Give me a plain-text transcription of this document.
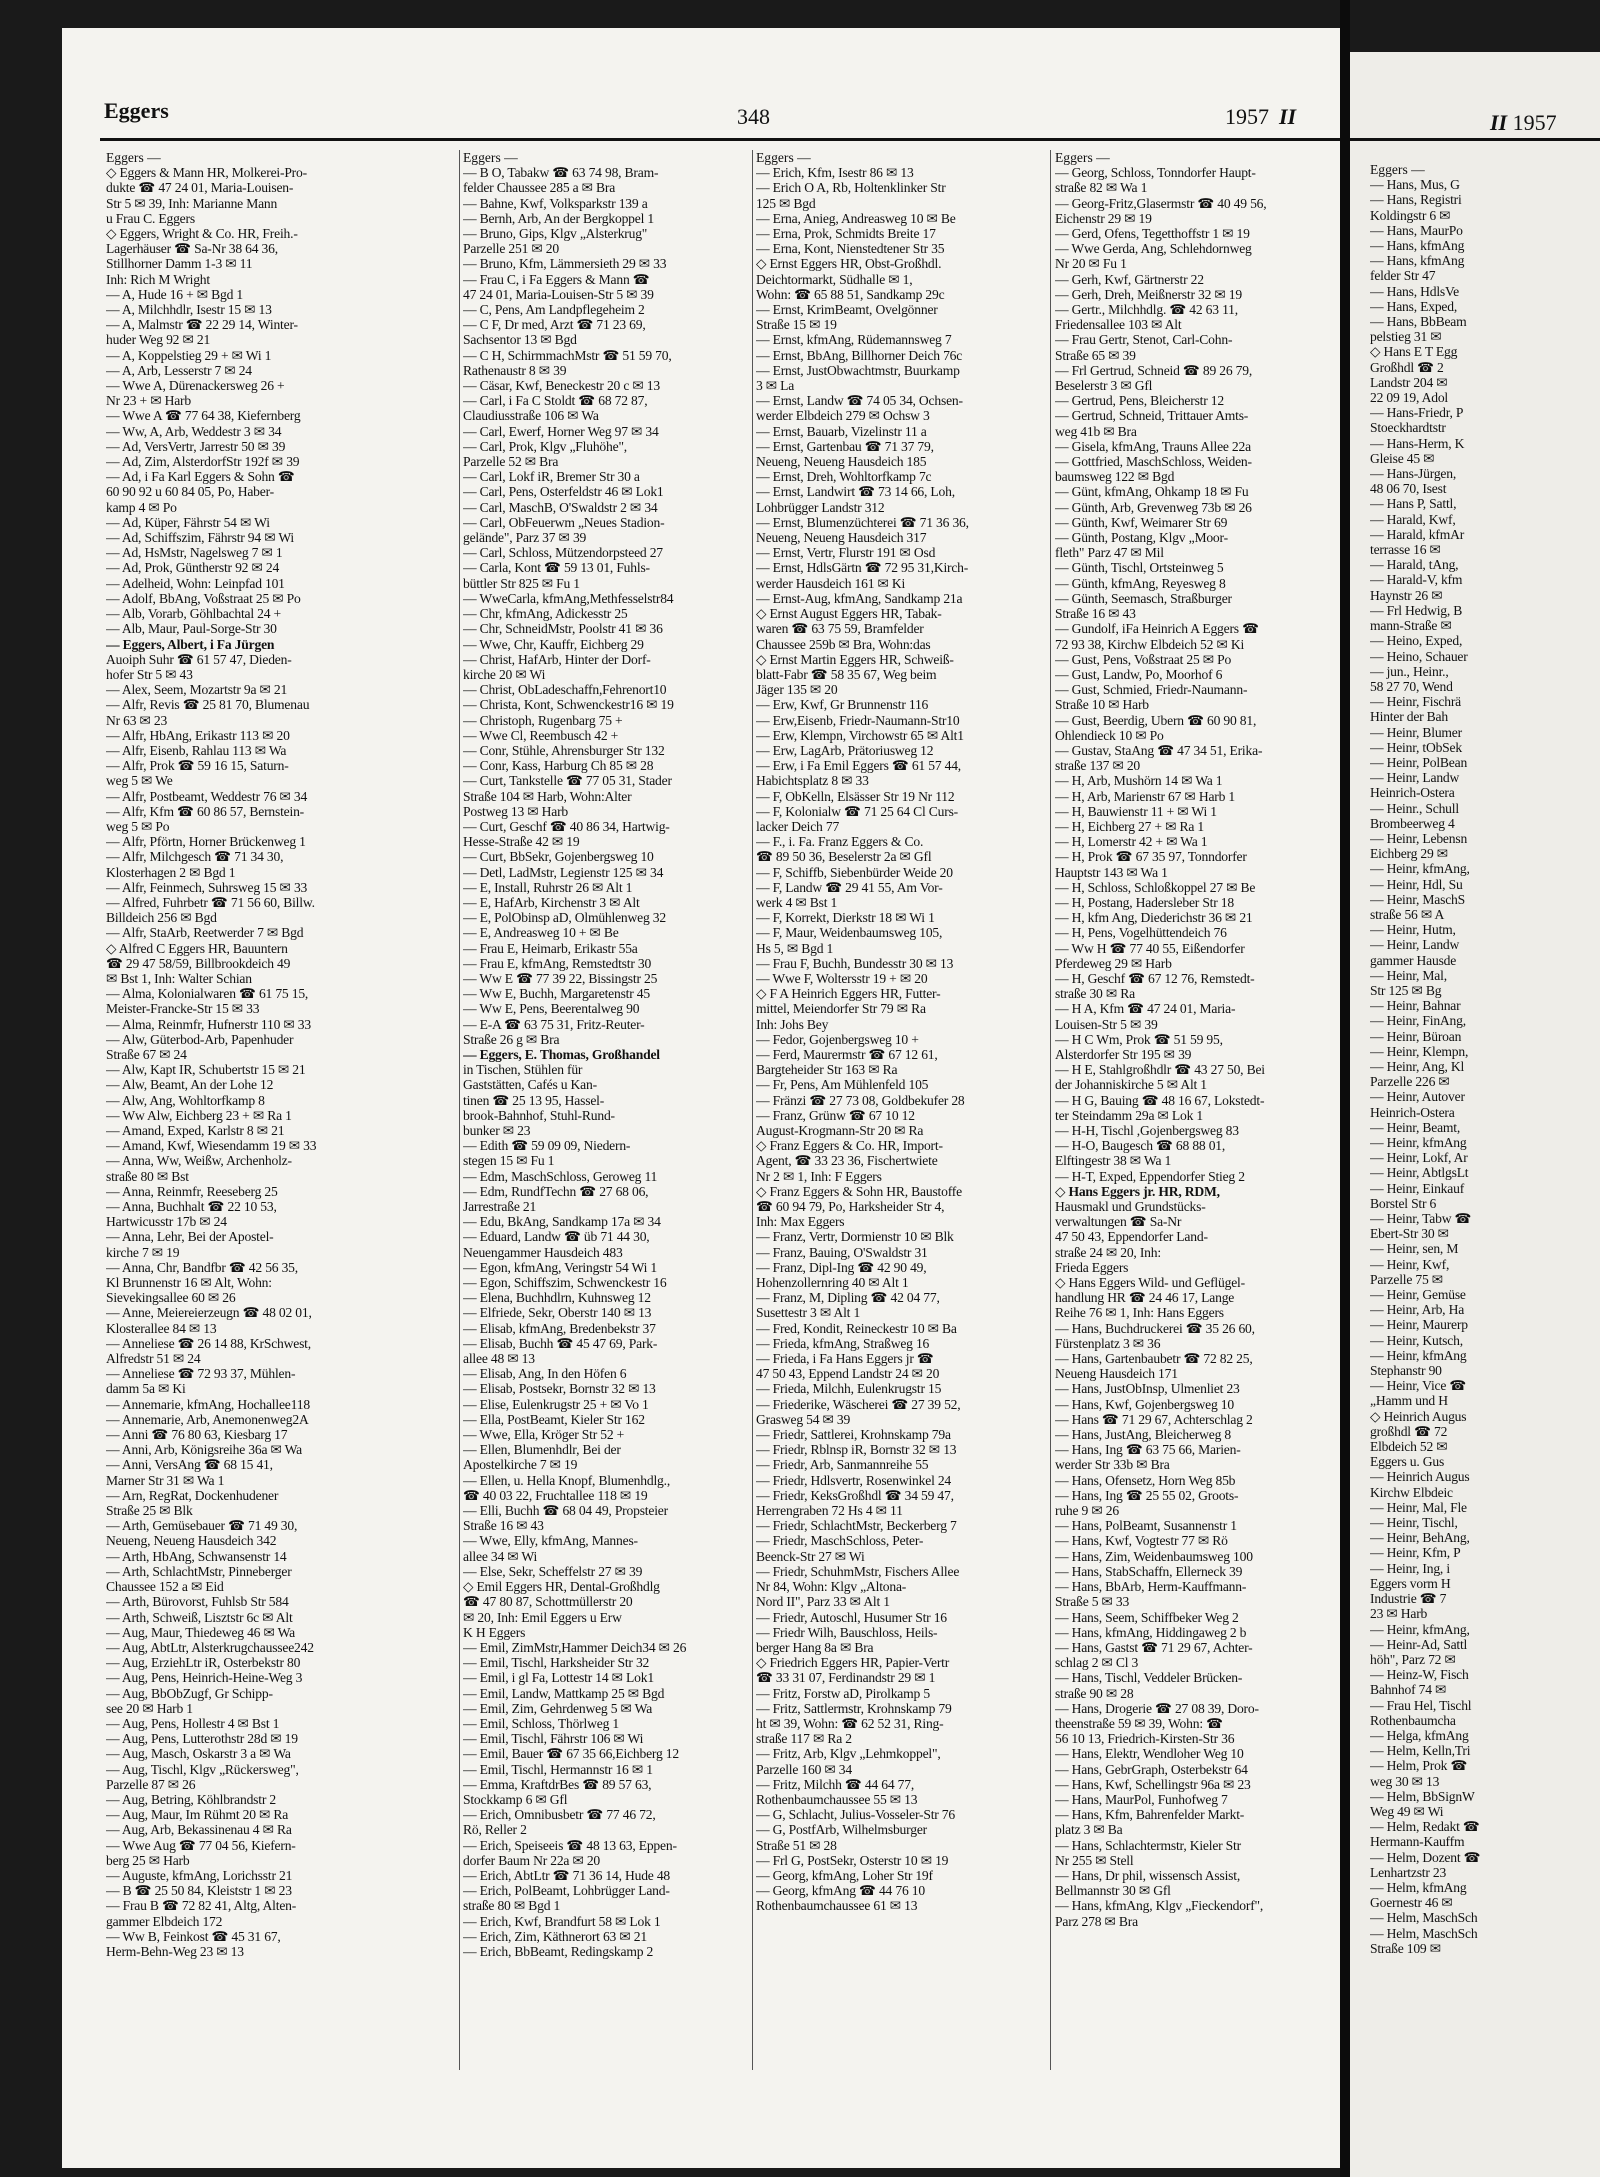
II 1957

Eggers —

— Hans, Mus, G

— Hans, Registri

Koldingstr 6 ✉

— Hans, MaurPo

— Hans, kfmAng

— Hans, kfmAng

felder Str 47

— Hans, HdlsVe

— Hans, Exped,

— Hans, BbBeam

pelstieg 31 ✉

◇ Hans E T Egg

Großhdl ☎ 2

Landstr 204 ✉

22 09 19, Adol

— Hans-Friedr, P

Stoeckhardtstr

— Hans-Herm, K

Gleise 45 ✉

— Hans-Jürgen,

48 06 70, Isest

— Hans P, Sattl,

— Harald, Kwf,

— Harald, kfmAr

terrasse 16 ✉

— Harald, tAng,

— Harald-V, kfm

Haynstr 26 ✉

— Frl Hedwig, B

mann-Straße ✉

— Heino, Exped,

— Heino, Schauer

— jun., Heinr.,

58 27 70, Wend

— Heinr, Fischrä

Hinter der Bah

— Heinr, Blumer

— Heinr, tObSek

— Heinr, PolBean

— Heinr, Landw

Heinrich-Ostera

— Heinr., Schull

Brombeerweg 4

— Heinr, Lebensn

Eichberg 29 ✉

— Heinr, kfmAng,

— Heinr, Hdl, Su

— Heinr, MaschS

straße 56 ✉ A

— Heinr, Hutm,

— Heinr, Landw

gammer Hausde

— Heinr, Mal,

Str 125 ✉ Bg

— Heinr, Bahnar

— Heinr, FinAng,

— Heinr, Büroan

— Heinr, Klempn,

— Heinr, Ang, Kl

Parzelle 226 ✉

— Heinr, Autover

Heinrich-Ostera

— Heinr, Beamt,

— Heinr, kfmAng

— Heinr, Lokf, Ar

— Heinr, AbtlgsLt

— Heinr, Einkauf

Borstel Str 6

— Heinr, Tabw ☎

Ebert-Str 30 ✉

— Heinr, sen, M

— Heinr, Kwf,

Parzelle 75 ✉

— Heinr, Gemüse

— Heinr, Arb, Ha

— Heinr, Maurerp

— Heinr, Kutsch,

— Heinr, kfmAng

Stephanstr 90

— Heinr, Vice ☎

„Hamm und H

◇ Heinrich Augus

großhdl ☎ 72

Elbdeich 52 ✉

Eggers u. Gus

— Heinrich Augus

Kirchw Elbdeic

— Heinr, Mal, Fle

— Heinr, Tischl,

— Heinr, BehAng,

— Heinr, Kfm, P

— Heinr, Ing, i

Eggers vorm H

Industrie ☎ 7

23 ✉ Harb

— Heinr, kfmAng,

— Heinr-Ad, Sattl

höh", Parz 72 ✉

— Heinz-W, Fisch

Bahnhof 74 ✉

— Frau Hel, Tischl

Rothenbaumcha

— Helga, kfmAng

— Helm, Kelln,Tri

— Helm, Prok ☎

weg 30 ✉ 13

— Helm, BbSignW

Weg 49 ✉ Wi

— Helm, Redakt ☎

Hermann-Kauffm

— Helm, Dozent ☎

Lenhartzstr 23

— Helm, kfmAng

Goernestr 46 ✉

— Helm, MaschSch

— Helm, MaschSch

Straße 109 ✉

Eggers	348	1957 II

Eggers —

◇ Eggers & Mann HR, Molkerei-Pro-

dukte ☎ 47 24 01, Maria-Louisen-

Str 5 ✉ 39, Inh: Marianne Mann

u Frau C. Eggers

◇ Eggers, Wright & Co. HR, Freih.-

Lagerhäuser ☎ Sa-Nr 38 64 36,

Stillhorner Damm 1-3 ✉ 11

Inh: Rich M Wright

— A, Hude 16 + ✉ Bgd 1

— A, Milchhdlr, Isestr 15 ✉ 13

— A, Malmstr ☎ 22 29 14, Winter-

huder Weg 92 ✉ 21

— A, Koppelstieg 29 + ✉ Wi 1

— A, Arb, Lesserstr 7 ✉ 24

— Wwe A, Dürenackersweg 26 +

Nr 23 + ✉ Harb

— Wwe A ☎ 77 64 38, Kiefernberg

— Ww, A, Arb, Weddestr 3 ✉ 34

— Ad, VersVertr, Jarrestr 50 ✉ 39

— Ad, Zim, AlsterdorfStr 192f ✉ 39

— Ad, i Fa Karl Eggers & Sohn ☎

60 90 92 u 60 84 05, Po, Haber-

kamp 4 ✉ Po

— Ad, Küper, Fährstr 54 ✉ Wi

— Ad, Schiffszim, Fährstr 94 ✉ Wi

— Ad, HsMstr, Nagelsweg 7 ✉ 1

— Ad, Prok, Güntherstr 92 ✉ 24

— Adelheid, Wohn: Leinpfad 101

— Adolf, BbAng, Voßstraat 25 ✉ Po

— Alb, Vorarb, Göhlbachtal 24 +

— Alb, Maur, Paul-Sorge-Str 30

— Eggers, Albert, i Fa Jürgen

Auoiph Suhr ☎ 61 57 47, Dieden-

hofer Str 5 ✉ 43

— Alex, Seem, Mozartstr 9a ✉ 21

— Alfr, Revis ☎ 25 81 70, Blumenau

Nr 63 ✉ 23

— Alfr, HbAng, Erikastr 113 ✉ 20

— Alfr, Eisenb, Rahlau 113 ✉ Wa

— Alfr, Prok ☎ 59 16 15, Saturn-

weg 5 ✉ We

— Alfr, Postbeamt, Weddestr 76 ✉ 34

— Alfr, Kfm ☎ 60 86 57, Bernstein-

weg 5 ✉ Po

— Alfr, Pförtn, Horner Brückenweg 1

— Alfr, Milchgesch ☎ 71 34 30,

Klosterhagen 2 ✉ Bgd 1

— Alfr, Feinmech, Suhrsweg 15 ✉ 33

— Alfred, Fuhrbetr ☎ 71 56 60, Billw.

Billdeich 256 ✉ Bgd

— Alfr, StaArb, Reetwerder 7 ✉ Bgd

◇ Alfred C Eggers HR, Bauuntern

☎ 29 47 58/59, Billbrookdeich 49

✉ Bst 1, Inh: Walter Schian

— Alma, Kolonialwaren ☎ 61 75 15,

Meister-Francke-Str 15 ✉ 33

— Alma, Reinmfr, Hufnerstr 110 ✉ 33

— Alw, Güterbod-Arb, Papenhuder

Straße 67 ✉ 24

— Alw, Kapt IR, Schubertstr 15 ✉ 21

— Alw, Beamt, An der Lohe 12

— Alw, Ang, Wohltorfkamp 8

— Ww Alw, Eichberg 23 + ✉ Ra 1

— Amand, Exped, Karlstr 8 ✉ 21

— Amand, Kwf, Wiesendamm 19 ✉ 33

— Anna, Ww, Weißw, Archenholz-

straße 80 ✉ Bst

— Anna, Reinmfr, Reeseberg 25

— Anna, Buchhalt ☎ 22 10 53,

Hartwicusstr 17b ✉ 24

— Anna, Lehr, Bei der Apostel-

kirche 7 ✉ 19

— Anna, Chr, Bandfbr ☎ 42 56 35,

Kl Brunnenstr 16 ✉ Alt, Wohn:

Sievekingsallee 60 ✉ 26

— Anne, Meiereierzeugn ☎ 48 02 01,

Klosterallee 84 ✉ 13

— Anneliese ☎ 26 14 88, KrSchwest,

Alfredstr 51 ✉ 24

— Anneliese ☎ 72 93 37, Mühlen-

damm 5a ✉ Ki

— Annemarie, kfmAng, Hochallee118

— Annemarie, Arb, Anemonenweg2A

— Anni ☎ 76 80 63, Kiesbarg 17

— Anni, Arb, Königsreihe 36a ✉ Wa

— Anni, VersAng ☎ 68 15 41,

Marner Str 31 ✉ Wa 1

— Arn, RegRat, Dockenhudener

Straße 25 ✉ Blk

— Arth, Gemüsebauer ☎ 71 49 30,

Neueng, Neueng Hausdeich 342

— Arth, HbAng, Schwansenstr 14

— Arth, SchlachtMstr, Pinneberger

Chaussee 152 a ✉ Eid

— Arth, Bürovorst, Fuhlsb Str 584

— Arth, Schweiß, Lisztstr 6c ✉ Alt

— Aug, Maur, Thiedeweg 46 ✉ Wa

— Aug, AbtLtr, Alsterkrugchaussee242

— Aug, ErziehLtr iR, Osterbekstr 80

— Aug, Pens, Heinrich-Heine-Weg 3

— Aug, BbObZugf, Gr Schipp-

see 20 ✉ Harb 1

— Aug, Pens, Hollestr 4 ✉ Bst 1

— Aug, Pens, Lutterothstr 28d ✉ 19

— Aug, Masch, Oskarstr 3 a ✉ Wa

— Aug, Tischl, Klgv „Rückersweg",

Parzelle 87 ✉ 26

— Aug, Betring, Köhlbrandstr 2

— Aug, Maur, Im Rühmt 20 ✉ Ra

— Aug, Arb, Bekassinenau 4 ✉ Ra

— Wwe Aug ☎ 77 04 56, Kiefern-

berg 25 ✉ Harb

— Auguste, kfmAng, Lorichsstr 21

— B ☎ 25 50 84, Kleiststr 1 ✉ 23

— Frau B ☎ 72 82 41, Altg, Alten-

gammer Elbdeich 172

— Ww B, Feinkost ☎ 45 31 67,

Herm-Behn-Weg 23 ✉ 13

Eggers —

— B O, Tabakw ☎ 63 74 98, Bram-

felder Chaussee 285 a ✉ Bra

— Bahne, Kwf, Volksparkstr 139 a

— Bernh, Arb, An der Bergkoppel 1

— Bruno, Gips, Klgv „Alsterkrug"

Parzelle 251 ✉ 20

— Bruno, Kfm, Lämmersieth 29 ✉ 33

— Frau C, i Fa Eggers & Mann ☎

47 24 01, Maria-Louisen-Str 5 ✉ 39

— C, Pens, Am Landpflegeheim 2

— C F, Dr med, Arzt ☎ 71 23 69,

Sachsentor 13 ✉ Bgd

— C H, SchirmmachMstr ☎ 51 59 70,

Rathenaustr 8 ✉ 39

— Cäsar, Kwf, Beneckestr 20 c ✉ 13

— Carl, i Fa C Stoldt ☎ 68 72 87,

Claudiusstraße 106 ✉ Wa

— Carl, Ewerf, Horner Weg 97 ✉ 34

— Carl, Prok, Klgv „Fluhöhe",

Parzelle 52 ✉ Bra

— Carl, Lokf iR, Bremer Str 30 a

— Carl, Pens, Osterfeldstr 46 ✉ Lok1

— Carl, MaschB, O'Swaldstr 2 ✉ 34

— Carl, ObFeuerwm „Neues Stadion-

gelände", Parz 37 ✉ 39

— Carl, Schloss, Mützendorpsteed 27

— Carla, Kont ☎ 59 13 01, Fuhls-

büttler Str 825 ✉ Fu 1

— WweCarla, kfmAng,Methfesselstr84

— Chr, kfmAng, Adickesstr 25

— Chr, SchneidMstr, Poolstr 41 ✉ 36

— Wwe, Chr, Kauffr, Eichberg 29

— Christ, HafArb, Hinter der Dorf-

kirche 20 ✉ Wi

— Christ, ObLadeschaffn,Fehrenort10

— Christa, Kont, Schwenckestr16 ✉ 19

— Christoph, Rugenbarg 75 +

— Wwe Cl, Reembusch 42 +

— Conr, Stühle, Ahrensburger Str 132

— Conr, Kass, Harburg Ch 85 ✉ 28

— Curt, Tankstelle ☎ 77 05 31, Stader

Straße 104 ✉ Harb, Wohn:Alter

Postweg 13 ✉ Harb

— Curt, Geschf ☎ 40 86 34, Hartwig-

Hesse-Straße 42 ✉ 19

— Curt, BbSekr, Gojenbergsweg 10

— Detl, LadMstr, Legienstr 125 ✉ 34

— E, Install, Ruhrstr 26 ✉ Alt 1

— E, HafArb, Kirchenstr 3 ✉ Alt

— E, PolObinsp aD, Olmühlenweg 32

— E, Andreasweg 10 + ✉ Be

— Frau E, Heimarb, Erikastr 55a

— Frau E, kfmAng, Remstedtstr 30

— Ww E ☎ 77 39 22, Bissingstr 25

— Ww E, Buchh, Margaretenstr 45

— Ww E, Pens, Beerentalweg 90

— E-A ☎ 63 75 31, Fritz-Reuter-

Straße 26 g ✉ Bra

— Eggers, E. Thomas, Großhandel

in Tischen, Stühlen für

Gaststätten, Cafés u Kan-

tinen ☎ 25 13 95, Hassel-

brook-Bahnhof, Stuhl-Rund-

bunker ✉ 23

— Edith ☎ 59 09 09, Niedern-

stegen 15 ✉ Fu 1

— Edm, MaschSchloss, Geroweg 11

— Edm, RundfTechn ☎ 27 68 06,

Jarrestraße 21

— Edu, BkAng, Sandkamp 17a ✉ 34

— Eduard, Landw ☎ üb 71 44 30,

Neuengammer Hausdeich 483

— Egon, kfmAng, Veringstr 54 Wi 1

— Egon, Schiffszim, Schwenckestr 16

— Elena, Buchhdlrn, Kuhnsweg 12

— Elfriede, Sekr, Oberstr 140 ✉ 13

— Elisab, kfmAng, Bredenbekstr 37

— Elisab, Buchh ☎ 45 47 69, Park-

allee 48 ✉ 13

— Elisab, Ang, In den Höfen 6

— Elisab, Postsekr, Bornstr 32 ✉ 13

— Elise, Eulenkrugstr 25 + ✉ Vo 1

— Ella, PostBeamt, Kieler Str 162

— Wwe, Ella, Kröger Str 52 +

— Ellen, Blumenhdlr, Bei der

Apostelkirche 7 ✉ 19

— Ellen, u. Hella Knopf, Blumenhdlg.,

☎ 40 03 22, Fruchtallee 118 ✉ 19

— Elli, Buchh ☎ 68 04 49, Propsteier

Straße 16 ✉ 43

— Wwe, Elly, kfmAng, Mannes-

allee 34 ✉ Wi

— Else, Sekr, Scheffelstr 27 ✉ 39

◇ Emil Eggers HR, Dental-Großhdlg

☎ 47 80 87, Schottmüllerstr 20

✉ 20, Inh: Emil Eggers u Erw

K H Eggers

— Emil, ZimMstr,Hammer Deich34 ✉ 26

— Emil, Tischl, Harksheider Str 32

— Emil, i gl Fa, Lottestr 14 ✉ Lok1

— Emil, Landw, Mattkamp 25 ✉ Bgd

— Emil, Zim, Gehrdenweg 5 ✉ Wa

— Emil, Schloss, Thörlweg 1

— Emil, Tischl, Fährstr 106 ✉ Wi

— Emil, Bauer ☎ 67 35 66,Eichberg 12

— Emil, Tischl, Hermannstr 16 ✉ 1

— Emma, KraftdrBes ☎ 89 57 63,

Stockkamp 6 ✉ Gfl

— Erich, Omnibusbetr ☎ 77 46 72,

Rö, Reller 2

— Erich, Speiseeis ☎ 48 13 63, Eppen-

dorfer Baum Nr 22a ✉ 20

— Erich, AbtLtr ☎ 71 36 14, Hude 48

— Erich, PolBeamt, Lohbrügger Land-

straße 80 ✉ Bgd 1

— Erich, Kwf, Brandfurt 58 ✉ Lok 1

— Erich, Zim, Käthnerort 63 ✉ 21

— Erich, BbBeamt, Redingskamp 2

Eggers —

— Erich, Kfm, Isestr 86 ✉ 13

— Erich O A, Rb, Holtenklinker Str

125 ✉ Bgd

— Erna, Anieg, Andreasweg 10 ✉ Be

— Erna, Prok, Schmidts Breite 17

— Erna, Kont, Nienstedtener Str 35

◇ Ernst Eggers HR, Obst-Großhdl.

Deichtormarkt, Südhalle ✉ 1,

Wohn: ☎ 65 88 51, Sandkamp 29c

— Ernst, KrimBeamt, Ovelgönner

Straße 15 ✉ 19

— Ernst, kfmAng, Rüdemannsweg 7

— Ernst, BbAng, Billhorner Deich 76c

— Ernst, JustObwachtmstr, Buurkamp

3 ✉ La

— Ernst, Landw ☎ 74 05 34, Ochsen-

werder Elbdeich 279 ✉ Ochsw 3

— Ernst, Bauarb, Vizelinstr 11 a

— Ernst, Gartenbau ☎ 71 37 79,

Neueng, Neueng Hausdeich 185

— Ernst, Dreh, Wohltorfkamp 7c

— Ernst, Landwirt ☎ 73 14 66, Loh,

Lohbrügger Landstr 312

— Ernst, Blumenzüchterei ☎ 71 36 36,

Neueng, Neueng Hausdeich 317

— Ernst, Vertr, Flurstr 191 ✉ Osd

— Ernst, HdlsGärtn ☎ 72 95 31,Kirch-

werder Hausdeich 161 ✉ Ki

— Ernst-Aug, kfmAng, Sandkamp 21a

◇ Ernst August Eggers HR, Tabak-

waren ☎ 63 75 59, Bramfelder

Chaussee 259b ✉ Bra, Wohn:das

◇ Ernst Martin Eggers HR, Schweiß-

blatt-Fabr ☎ 58 35 67, Weg beim

Jäger 135 ✉ 20

— Erw, Kwf, Gr Brunnenstr 116

— Erw,Eisenb, Friedr-Naumann-Str10

— Erw, Klempn, Virchowstr 65 ✉ Alt1

— Erw, LagArb, Prätoriusweg 12

— Erw, i Fa Emil Eggers ☎ 61 57 44,

Habichtsplatz 8 ✉ 33

— F, ObKelln, Elsässer Str 19 Nr 112

— F, Kolonialw ☎ 71 25 64 Cl Curs-

lacker Deich 77

— F., i. Fa. Franz Eggers & Co.

☎ 89 50 36, Beselerstr 2a ✉ Gfl

— F, Schiffb, Siebenbürder Weide 20

— F, Landw ☎ 29 41 55, Am Vor-

werk 4 ✉ Bst 1

— F, Korrekt, Dierkstr 18 ✉ Wi 1

— F, Maur, Weidenbaumsweg 105,

Hs 5, ✉ Bgd 1

— Frau F, Buchh, Bundesstr 30 ✉ 13

— Wwe F, Woltersstr 19 + ✉ 20

◇ F A Heinrich Eggers HR, Futter-

mittel, Meiendorfer Str 79 ✉ Ra

Inh: Johs Bey

— Fedor, Gojenbergsweg 10 +

— Ferd, Maurermstr ☎ 67 12 61,

Bargteheider Str 163 ✉ Ra

— Fr, Pens, Am Mühlenfeld 105

— Fränzi ☎ 27 73 08, Goldbekufer 28

— Franz, Grünw ☎ 67 10 12

August-Krogmann-Str 20 ✉ Ra

◇ Franz Eggers & Co. HR, Import-

Agent, ☎ 33 23 36, Fischertwiete

Nr 2 ✉ 1, Inh: F Eggers

◇ Franz Eggers & Sohn HR, Baustoffe

☎ 60 94 79, Po, Harksheider Str 4,

Inh: Max Eggers

— Franz, Vertr, Dormienstr 10 ✉ Blk

— Franz, Bauing, O'Swaldstr 31

— Franz, Dipl-Ing ☎ 42 90 49,

Hohenzollernring 40 ✉ Alt 1

— Franz, M, Dipling ☎ 42 04 77,

Susettestr 3 ✉ Alt 1

— Fred, Kondit, Reineckestr 10 ✉ Ba

— Frieda, kfmAng, Straßweg 16

— Frieda, i Fa Hans Eggers jr ☎

47 50 43, Eppend Landstr 24 ✉ 20

— Frieda, Milchh, Eulenkrugstr 15

— Friederike, Wäscherei ☎ 27 39 52,

Grasweg 54 ✉ 39

— Friedr, Sattlerei, Krohnskamp 79a

— Friedr, Rblnsp iR, Bornstr 32 ✉ 13

— Friedr, Arb, Sanmannreihe 55

— Friedr, Hdlsvertr, Rosenwinkel 24

— Friedr, KeksGroßhdl ☎ 34 59 47,

Herrengraben 72 Hs 4 ✉ 11

— Friedr, SchlachtMstr, Beckerberg 7

— Friedr, MaschSchloss, Peter-

Beenck-Str 27 ✉ Wi

— Friedr, SchuhmMstr, Fischers Allee

Nr 84, Wohn: Klgv „Altona-

Nord II", Parz 33 ✉ Alt 1

— Friedr, Autoschl, Husumer Str 16

— Friedr Wilh, Bauschloss, Heils-

berger Hang 8a ✉ Bra

◇ Friedrich Eggers HR, Papier-Vertr

☎ 33 31 07, Ferdinandstr 29 ✉ 1

— Fritz, Forstw aD, Pirolkamp 5

— Fritz, Sattlermstr, Krohnskamp 79

ht ✉ 39, Wohn: ☎ 62 52 31, Ring-

straße 117 ✉ Ra 2

— Fritz, Arb, Klgv „Lehmkoppel",

Parzelle 160 ✉ 34

— Fritz, Milchh ☎ 44 64 77,

Rothenbaumchaussee 55 ✉ 13

— G, Schlacht, Julius-Vosseler-Str 76

— G, PostfArb, Wilhelmsburger

Straße 51 ✉ 28

— Frl G, PostSekr, Osterstr 10 ✉ 19

— Georg, kfmAng, Loher Str 19f

— Georg, kfmAng ☎ 44 76 10

Rothenbaumchaussee 61 ✉ 13

Eggers —

— Georg, Schloss, Tonndorfer Haupt-

straße 82 ✉ Wa 1

— Georg-Fritz,Glasermstr ☎ 40 49 56,

Eichenstr 29 ✉ 19

— Gerd, Ofens, Tegetthoffstr 1 ✉ 19

— Wwe Gerda, Ang, Schlehdornweg

Nr 20 ✉ Fu 1

— Gerh, Kwf, Gärtnerstr 22

— Gerh, Dreh, Meißnerstr 32 ✉ 19

— Gertr., Milchhdlg. ☎ 42 63 11,

Friedensallee 103 ✉ Alt

— Frau Gertr, Stenot, Carl-Cohn-

Straße 65 ✉ 39

— Frl Gertrud, Schneid ☎ 89 26 79,

Beselerstr 3 ✉ Gfl

— Gertrud, Pens, Bleicherstr 12

— Gertrud, Schneid, Trittauer Amts-

weg 41b ✉ Bra

— Gisela, kfmAng, Trauns Allee 22a

— Gottfried, MaschSchloss, Weiden-

baumsweg 122 ✉ Bgd

— Günt, kfmAng, Ohkamp 18 ✉ Fu

— Günth, Arb, Grevenweg 73b ✉ 26

— Günth, Kwf, Weimarer Str 69

— Günth, Postang, Klgv „Moor-

fleth" Parz 47 ✉ Mil

— Günth, Tischl, Ortsteinweg 5

— Günth, kfmAng, Reyesweg 8

— Günth, Seemasch, Straßburger

Straße 16 ✉ 43

— Gundolf, iFa Heinrich A Eggers ☎

72 93 38, Kirchw Elbdeich 52 ✉ Ki

— Gust, Pens, Voßstraat 25 ✉ Po

— Gust, Landw, Po, Moorhof 6

— Gust, Schmied, Friedr-Naumann-

Straße 10 ✉ Harb

— Gust, Beerdig, Ubern ☎ 60 90 81,

Ohlendieck 10 ✉ Po

— Gustav, StaAng ☎ 47 34 51, Erika-

straße 137 ✉ 20

— H, Arb, Mushörn 14 ✉ Wa 1

— H, Arb, Marienstr 67 ✉ Harb 1

— H, Bauwienstr 11 + ✉ Wi 1

— H, Eichberg 27 + ✉ Ra 1

— H, Lomerstr 42 + ✉ Wa 1

— H, Prok ☎ 67 35 97, Tonndorfer

Hauptstr 143 ✉ Wa 1

— H, Schloss, Schloßkoppel 27 ✉ Be

— H, Postang, Hadersleber Str 18

— H, kfm Ang, Diederichstr 36 ✉ 21

— H, Pens, Vogelhüttendeich 76

— Ww H ☎ 77 40 55, Eißendorfer

Pferdeweg 29 ✉ Harb

— H, Geschf ☎ 67 12 76, Remstedt-

straße 30 ✉ Ra

— H A, Kfm ☎ 47 24 01, Maria-

Louisen-Str 5 ✉ 39

— H C Wm, Prok ☎ 51 59 95,

Alsterdorfer Str 195 ✉ 39

— H E, Stahlgroßhdlr ☎ 43 27 50, Bei

der Johanniskirche 5 ✉ Alt 1

— H G, Bauing ☎ 48 16 67, Lokstedt-

ter Steindamm 29a ✉ Lok 1

— H-H, Tischl ,Gojenbergsweg 83

— H-O, Baugesch ☎ 68 88 01,

Elftingestr 38 ✉ Wa 1

— H-T, Exped, Eppendorfer Stieg 2

◇ Hans Eggers jr. HR, RDM,

Hausmakl und Grundstücks-

verwaltungen ☎ Sa-Nr

47 50 43, Eppendorfer Land-

straße 24 ✉ 20, Inh:

Frieda Eggers

◇ Hans Eggers Wild- und Geflügel-

handlung HR ☎ 24 46 17, Lange

Reihe 76 ✉ 1, Inh: Hans Eggers

— Hans, Buchdruckerei ☎ 35 26 60,

Fürstenplatz 3 ✉ 36

— Hans, Gartenbaubetr ☎ 72 82 25,

Neueng Hausdeich 171

— Hans, JustObInsp, Ulmenliet 23

— Hans, Kwf, Gojenbergsweg 10

— Hans ☎ 71 29 67, Achterschlag 2

— Hans, JustAng, Bleicherweg 8

— Hans, Ing ☎ 63 75 66, Marien-

werder Str 33b ✉ Bra

— Hans, Ofensetz, Horn Weg 85b

— Hans, Ing ☎ 25 55 02, Groots-

ruhe 9 ✉ 26

— Hans, PolBeamt, Susannenstr 1

— Hans, Kwf, Vogtestr 77 ✉ Rö

— Hans, Zim, Weidenbaumsweg 100

— Hans, StabSchaffn, Ellerneck 39

— Hans, BbArb, Herm-Kauffmann-

Straße 5 ✉ 33

— Hans, Seem, Schiffbeker Weg 2

— Hans, kfmAng, Hiddingaweg 2 b

— Hans, Gastst ☎ 71 29 67, Achter-

schlag 2 ✉ Cl 3

— Hans, Tischl, Veddeler Brücken-

straße 90 ✉ 28

— Hans, Drogerie ☎ 27 08 39, Doro-

theenstraße 59 ✉ 39, Wohn: ☎

56 10 13, Friedrich-Kirsten-Str 36

— Hans, Elektr, Wendloher Weg 10

— Hans, GebrGraph, Osterbekstr 64

— Hans, Kwf, Schellingstr 96a ✉ 23

— Hans, MaurPol, Funhofweg 7

— Hans, Kfm, Bahrenfelder Markt-

platz 3 ✉ Ba

— Hans, Schlachtermstr, Kieler Str

Nr 255 ✉ Stell

— Hans, Dr phil, wissensch Assist,

Bellmannstr 30 ✉ Gfl

— Hans, kfmAng, Klgv „Fieckendorf",

Parz 278 ✉ Bra
